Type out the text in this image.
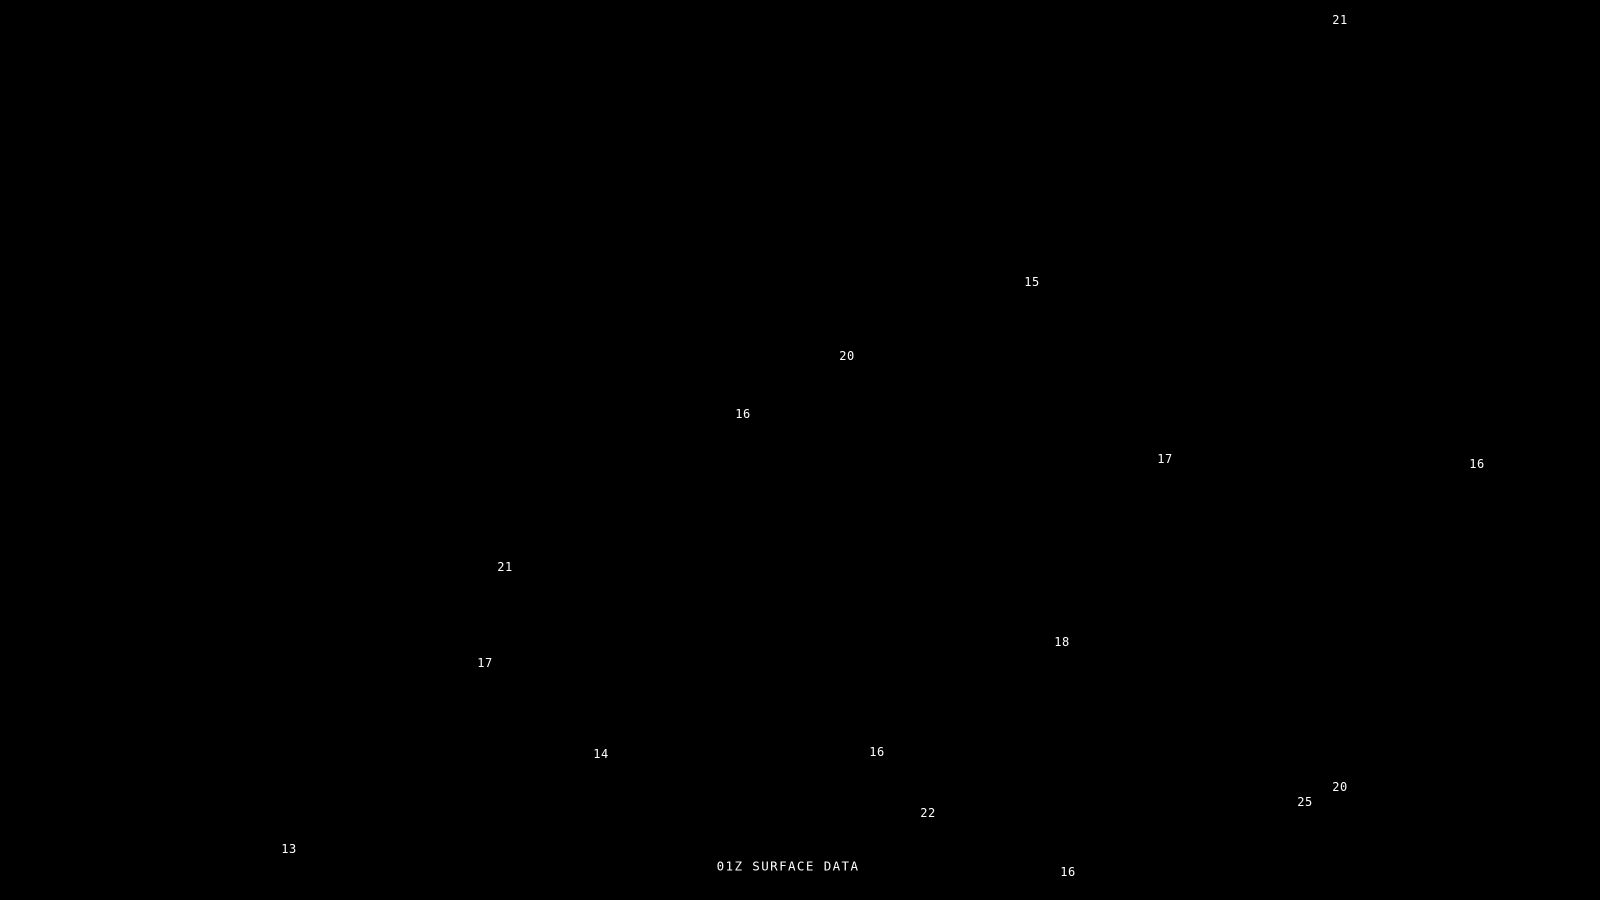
21
15
20
16
17	16
21
18
17
14	16
20
25
22
13
16
01Z SURFACE DATA
